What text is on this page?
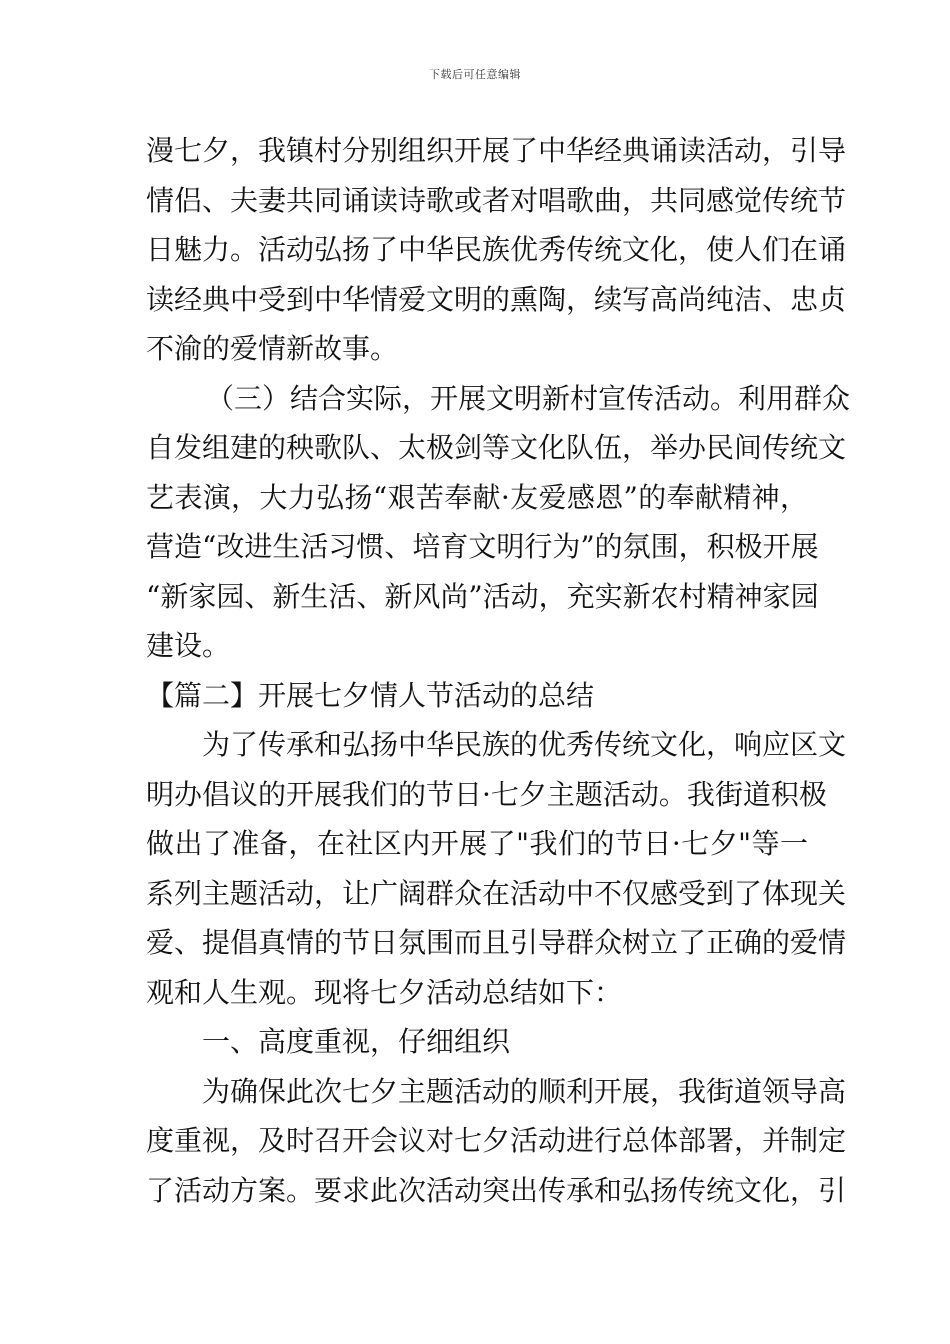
下载后可任意编辑
漫七夕，我镇村分别组织开展了中华经典诵读活动，引导
情侣、夫妻共同诵读诗歌或者对唱歌曲，共同感觉传统节
日魅力。活动弘扬了中华民族优秀传统文化，使人们在诵
读经典中受到中华情爱文明的熏陶，续写高尚纯洁、忠贞
不渝的爱情新故事。
（三）结合实际，开展文明新村宣传活动。利用群众
自发组建的秧歌队、太极剑等文化队伍，举办民间传统文
艺表演，大力弘扬“艰苦奉献·友爱感恩”的奉献精神，
营造“改进生活习惯、培育文明行为”的氛围，积极开展
“新家园、新生活、新风尚”活动，充实新农村精神家园
建设。
【篇二】开展七夕情人节活动的总结
为了传承和弘扬中华民族的优秀传统文化，响应区文
明办倡议的开展我们的节日·七夕主题活动。我街道积极
做出了准备，在社区内开展了"我们的节日·七夕"等一
系列主题活动，让广阔群众在活动中不仅感受到了体现关
爱、提倡真情的节日氛围而且引导群众树立了正确的爱情
观和人生观。现将七夕活动总结如下：
一、高度重视，仔细组织
为确保此次七夕主题活动的顺利开展，我街道领导高
度重视，及时召开会议对七夕活动进行总体部署，并制定
了活动方案。要求此次活动突出传承和弘扬传统文化，引
